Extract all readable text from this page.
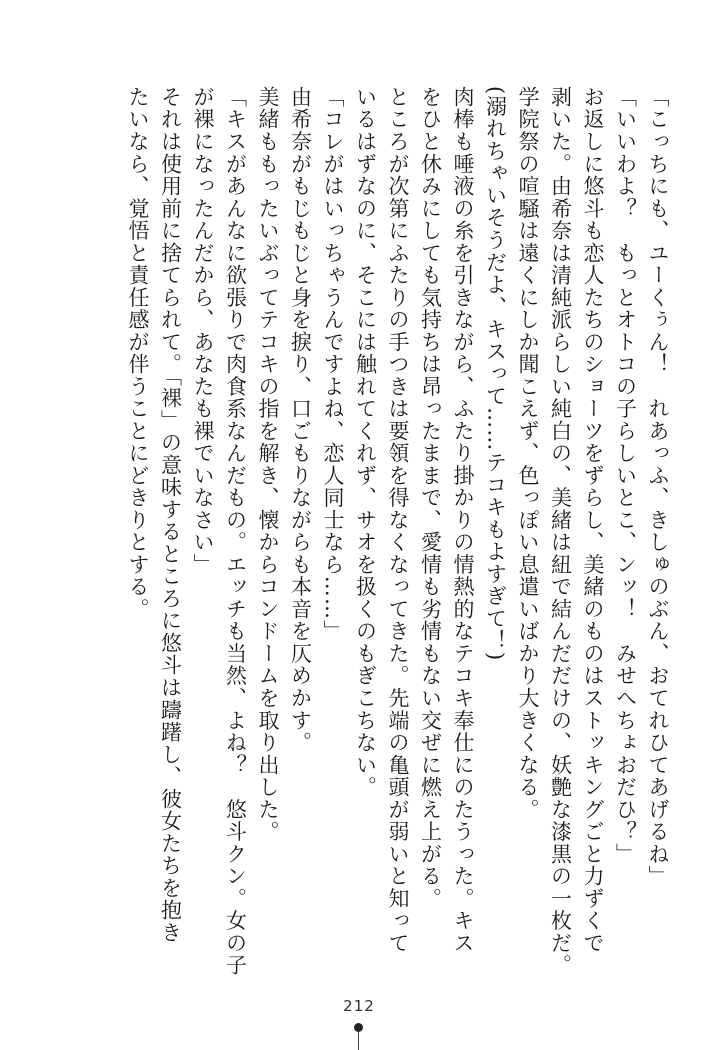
「こっちにも、ユーくぅん！　れあっふ、きしゅのぶん、おてれひてあげるね」
「いいわよ？　もっとオトコの子らしいとこ、ンッ！　みせへちょおだひ？」
お返しに悠斗も恋人たちのショーツをずらし、美緒のものはストッキングごと力ずくで
剥いた。由希奈は清純派らしい純白の、美緒は紐で結んだだけの、妖艶な漆黒の一枚だ。
学院祭の喧騒は遠くにしか聞こえず、色っぽい息遣いばかり大きくなる。
(溺れちゃいそうだよ、キスって……テコキもよすぎて！)
肉棒も唾液の糸を引きながら、ふたり掛かりの情熱的なテコキ奉仕にのたうった。キス
をひと休みにしても気持ちは昂ったままで、愛情も劣情もない交ぜに燃え上がる。
ところが次第にふたりの手つきは要領を得なくなってきた。先端の亀頭が弱いと知って
いるはずなのに、そこには触れてくれず、サオを扱くのもぎこちない。
「コレがはいっちゃうんですよね、恋人同士なら……」
由希奈がもじもじと身を捩り、口ごもりながらも本音を仄めかす。
美緒ももったいぶってテコキの指を解き、懐からコンドームを取り出した。
「キスがあんなに欲張りで肉食系なんだもの。エッチも当然、よね？　悠斗クン。女の子
が裸になったんだから、あなたも裸でいなさい」
それは使用前に捨てられて。「裸」の意味するところに悠斗は躊躇し、彼女たちを抱き
たいなら、覚悟と責任感が伴うことにどきりとする。
212
